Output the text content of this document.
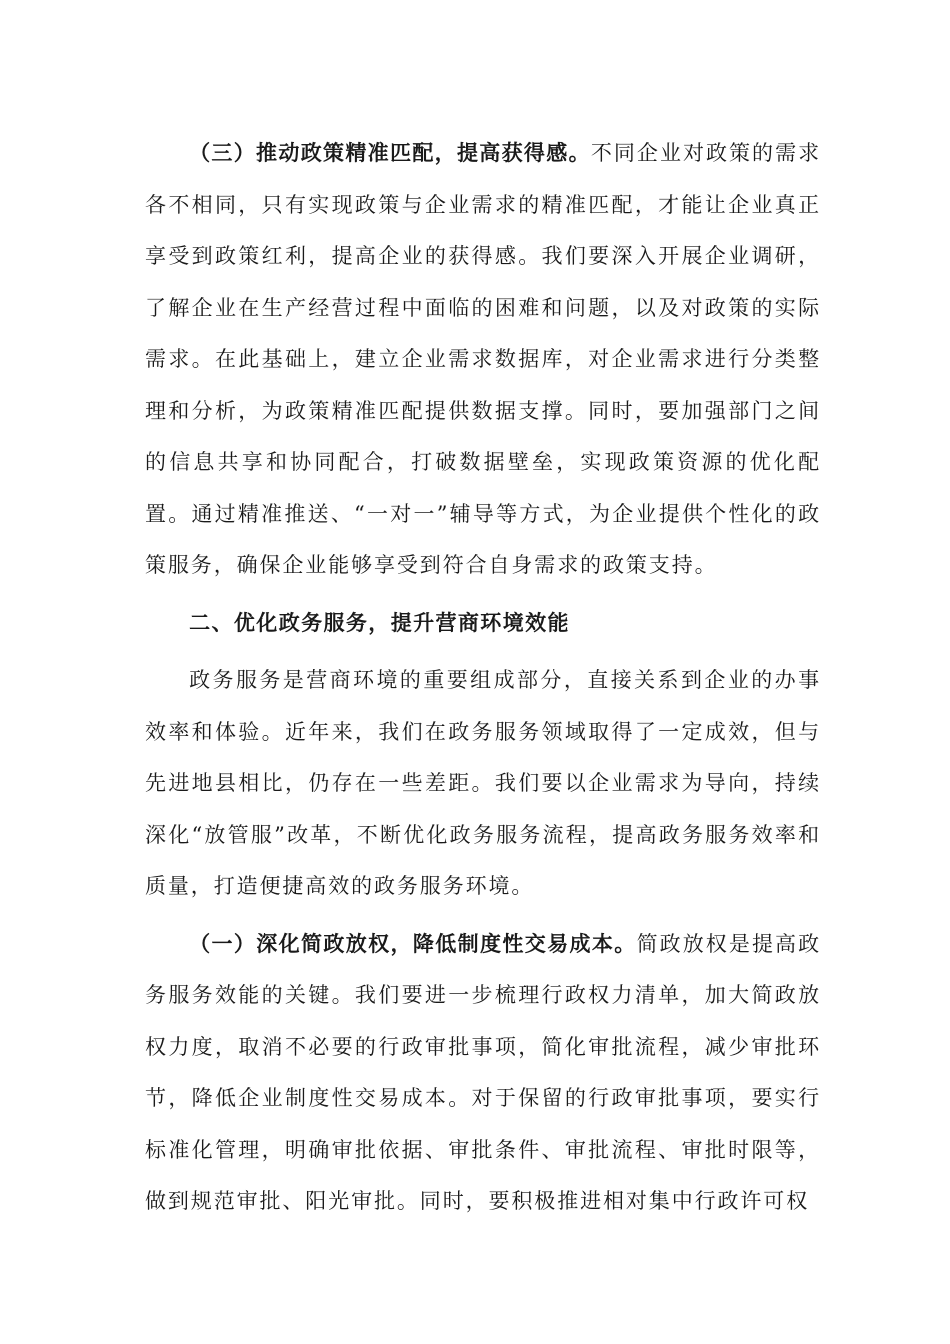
（三）推动政策精准匹配，提高获得感。不同企业对政策的需求各不相同，只有实现政策与企业需求的精准匹配，才能让企业真正享受到政策红利，提高企业的获得感。我们要深入开展企业调研，了解企业在生产经营过程中面临的困难和问题，以及对政策的实际需求。在此基础上，建立企业需求数据库，对企业需求进行分类整理和分析，为政策精准匹配提供数据支撑。同时，要加强部门之间的信息共享和协同配合，打破数据壁垒，实现政策资源的优化配置。通过精准推送、“一对一”辅导等方式，为企业提供个性化的政策服务，确保企业能够享受到符合自身需求的政策支持。

二、优化政务服务，提升营商环境效能

政务服务是营商环境的重要组成部分，直接关系到企业的办事效率和体验。近年来，我们在政务服务领域取得了一定成效，但与先进地县相比，仍存在一些差距。我们要以企业需求为导向，持续深化“放管服”改革，不断优化政务服务流程，提高政务服务效率和质量，打造便捷高效的政务服务环境。

（一）深化简政放权，降低制度性交易成本。简政放权是提高政务服务效能的关键。我们要进一步梳理行政权力清单，加大简政放权力度，取消不必要的行政审批事项，简化审批流程，减少审批环节，降低企业制度性交易成本。对于保留的行政审批事项，要实行标准化管理，明确审批依据、审批条件、审批流程、审批时限等，做到规范审批、阳光审批。同时，要积极推进相对集中行政许可权
